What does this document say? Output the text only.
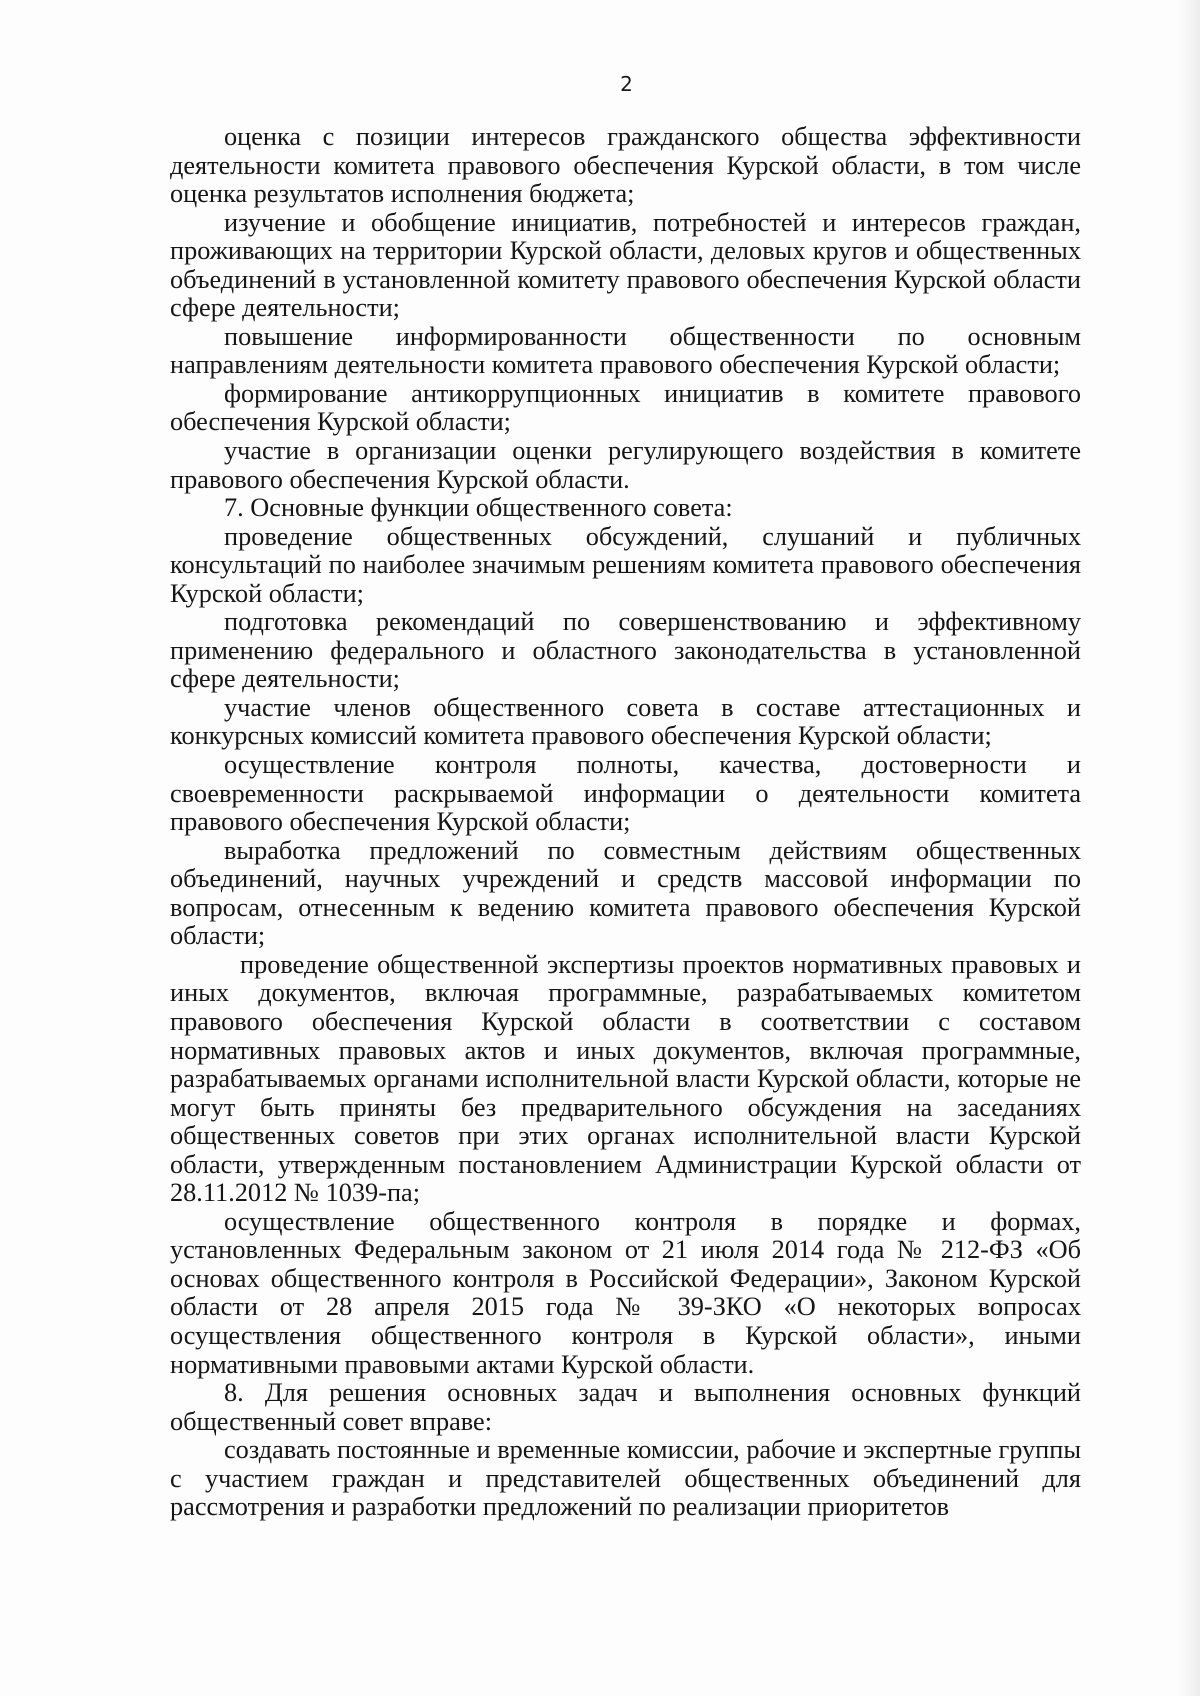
2

оценка с позиции интересов гражданского общества эффективности деятельности комитета правового обеспечения Курской области, в том числе оценка результатов исполнения бюджета;

изучение и обобщение инициатив, потребностей и интересов граждан, проживающих на территории Курской области, деловых кругов и общественных объединений в установленной комитету правового обеспечения Курской области сфере деятельности;

повышение информированности общественности по основным направлениям деятельности комитета правового обеспечения Курской области;

формирование антикоррупционных инициатив в комитете правового обеспечения Курской области;

участие в организации оценки регулирующего воздействия в комитете правового обеспечения Курской области.

7. Основные функции общественного совета:

проведение общественных обсуждений, слушаний и публичных консультаций по наиболее значимым решениям комитета правового обеспечения Курской области;

подготовка рекомендаций по совершенствованию и эффективному применению федерального и областного законодательства в установленной сфере деятельности;

участие членов общественного совета в составе аттестационных и конкурсных комиссий комитета правового обеспечения Курской области;

осуществление контроля полноты, качества, достоверности и своевременности раскрываемой информации о деятельности комитета правового обеспечения Курской области;

выработка предложений по совместным действиям общественных объединений, научных учреждений и средств массовой информации по вопросам, отнесенным к ведению комитета правового обеспечения Курской области;

проведение общественной экспертизы проектов нормативных правовых и иных документов, включая программные, разрабатываемых комитетом правового обеспечения Курской области в соответствии с составом нормативных правовых актов и иных документов, включая программные, разрабатываемых органами исполнительной власти Курской области, которые не могут быть приняты без предварительного обсуждения на заседаниях общественных советов при этих органах исполнительной власти Курской области, утвержденным постановлением Администрации Курской области от 28.11.2012 № 1039-па;

осуществление общественного контроля в порядке и формах, установленных Федеральным законом от 21 июля 2014 года № 212-ФЗ «Об основах общественного контроля в Российской Федерации», Законом Курской области от 28 апреля 2015 года № 39-ЗКО «О некоторых вопросах осуществления общественного контроля в Курской области», иными нормативными правовыми актами Курской области.

8. Для решения основных задач и выполнения основных функций общественный совет вправе:

создавать постоянные и временные комиссии, рабочие и экспертные группы с участием граждан и представителей общественных объединений для рассмотрения и разработки предложений по реализации приоритетов
